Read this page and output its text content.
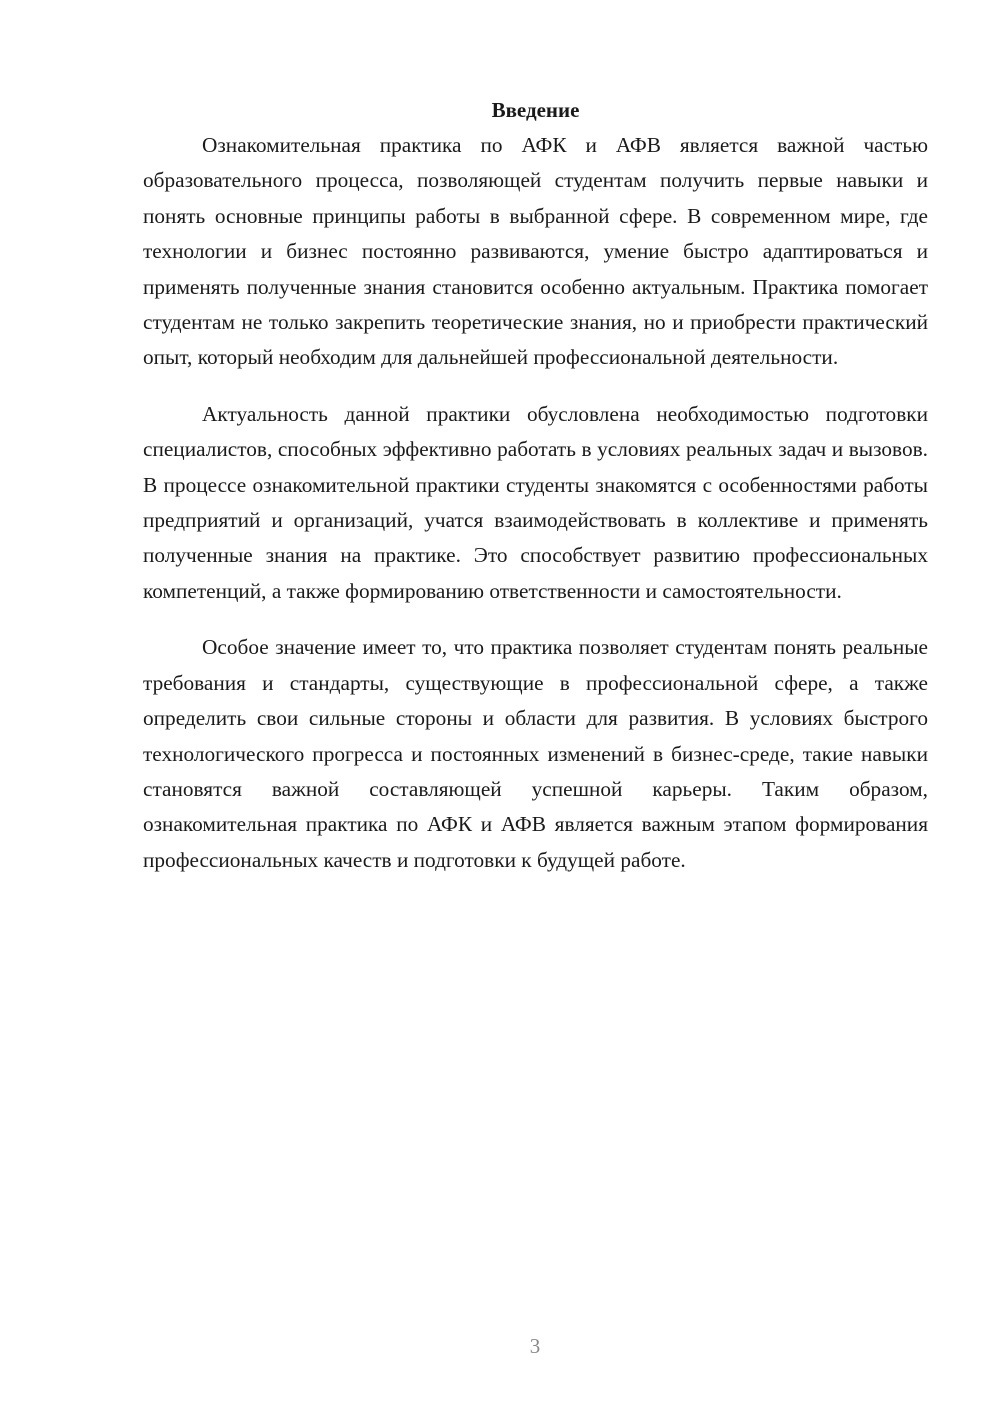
Введение

Ознакомительная практика по АФК и АФВ является важной частью образовательного процесса, позволяющей студентам получить первые навыки и понять основные принципы работы в выбранной сфере. В современном мире, где технологии и бизнес постоянно развиваются, умение быстро адаптироваться и применять полученные знания становится особенно актуальным. Практика помогает студентам не только закрепить теоретические знания, но и приобрести практический опыт, который необходим для дальнейшей профессиональной деятельности.

Актуальность данной практики обусловлена необходимостью подготовки специалистов, способных эффективно работать в условиях реальных задач и вызовов. В процессе ознакомительной практики студенты знакомятся с особенностями работы предприятий и организаций, учатся взаимодействовать в коллективе и применять полученные знания на практике. Это способствует развитию профессиональных компетенций, а также формированию ответственности и самостоятельности.

Особое значение имеет то, что практика позволяет студентам понять реальные требования и стандарты, существующие в профессиональной сфере, а также определить свои сильные стороны и области для развития. В условиях быстрого технологического прогресса и постоянных изменений в бизнес-среде, такие навыки становятся важной составляющей успешной карьеры. Таким образом, ознакомительная практика по АФК и АФВ является важным этапом формирования профессиональных качеств и подготовки к будущей работе.

3
